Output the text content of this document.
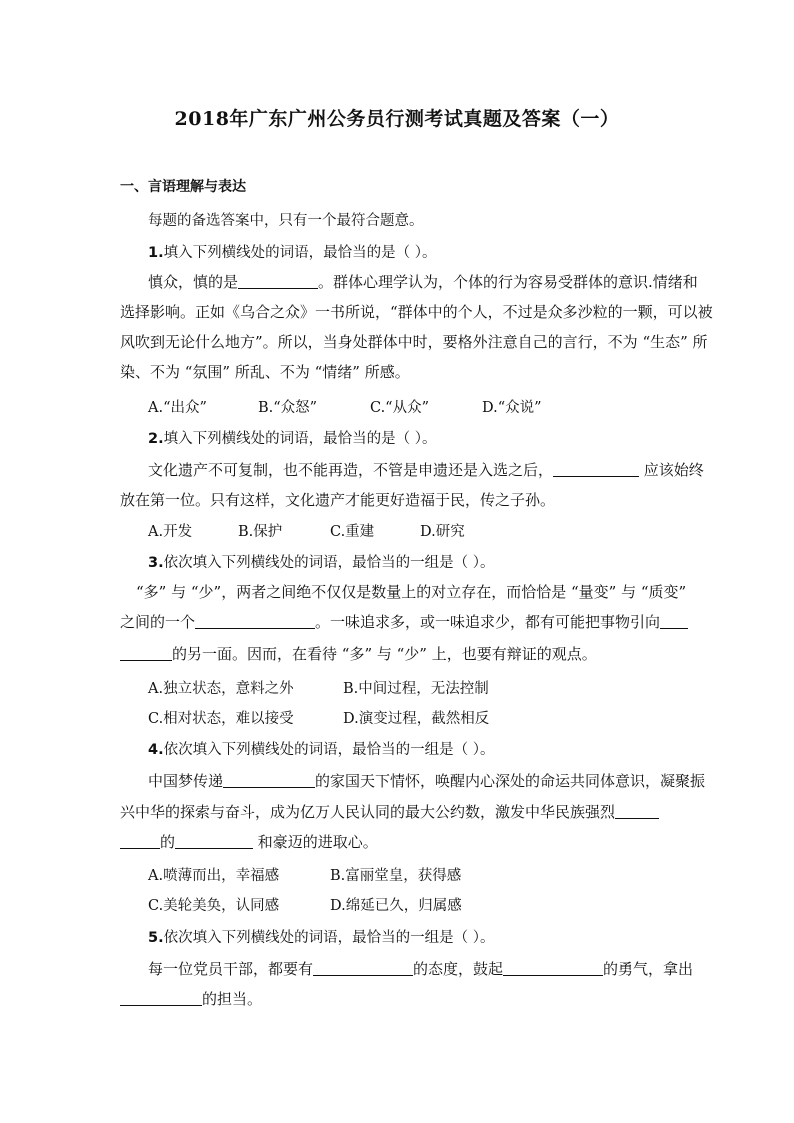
2018年广东广州公务员行测考试真题及答案（一）
一、言语理解与表达
每题的备选答案中，只有一个最符合题意。
1.填入下列横线处的词语，最恰当的是（ ）。
慎众，慎的是	。群体心理学认为，个体的行为容易受群体的意识.情绪和
选择影响。正如《乌合之众》一书所说，“群体中的个人，不过是众多沙粒的一颗，可以被
风吹到无论什么地方”。所以，当身处群体中时，要格外注意自己的言行，不为 “生态” 所
染、不为 “氛围” 所乱、不为 “情绪” 所感。
A.“出众”	B.“众怒”	C.“从众”	D.“众说”
2.填入下列横线处的词语，最恰当的是（ ）。
文化遗产不可复制，也不能再造，不管是申遗还是入选之后，	应该始终
放在第一位。只有这样，文化遗产才能更好造福于民，传之子孙。
A.开发	B.保护	C.重建	D.研究
3.依次填入下列横线处的词语，最恰当的一组是（ ）。
“多” 与 “少”，两者之间绝不仅仅是数量上的对立存在，而恰恰是 “量变” 与 “质变”
之间的一个	。一味追求多，或一味追求少，都有可能把事物引向
的另一面。因而，在看待 “多” 与 “少” 上，也要有辩证的观点。
A.独立状态，意料之外	B.中间过程，无法控制
C.相对状态，难以接受	D.演变过程，截然相反
4.依次填入下列横线处的词语，最恰当的一组是（ ）。
中国梦传递	的家国天下情怀，唤醒内心深处的命运共同体意识，凝聚振
兴中华的探索与奋斗，成为亿万人民认同的最大公约数，激发中华民族强烈
的	和豪迈的进取心。
A.喷薄而出，幸福感	B.富丽堂皇，获得感
C.美轮美奂，认同感	D.绵延已久，归属感
5.依次填入下列横线处的词语，最恰当的一组是（ ）。
每一位党员干部，都要有	的态度，鼓起	的勇气，拿出
的担当。
